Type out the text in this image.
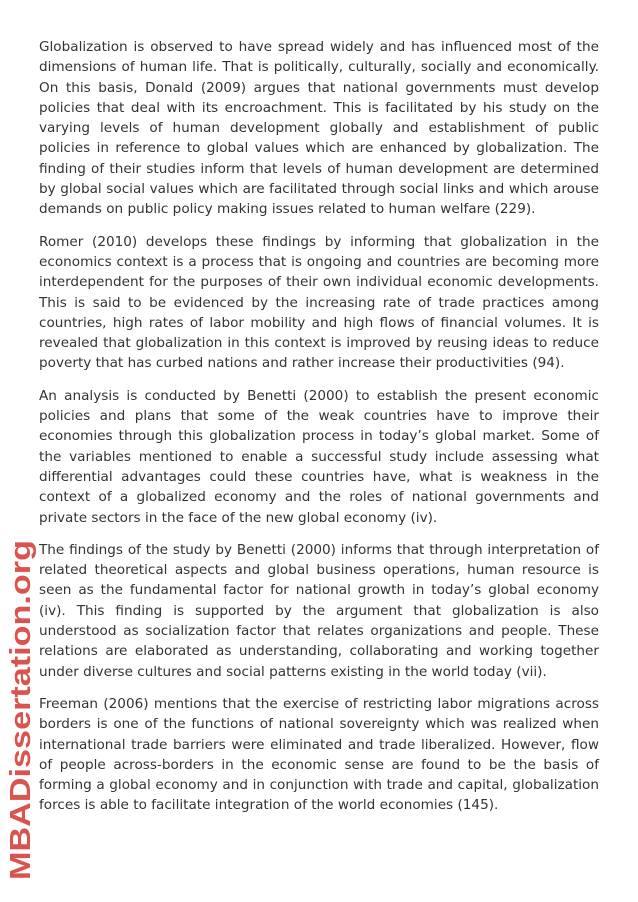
MBADissertation.org

Globalization is observed to have spread widely and has influenced most of the dimensions of human life. That is politically, culturally, socially and economically. On this basis, Donald (2009) argues that national governments must develop policies that deal with its encroachment. This is facilitated by his study on the varying levels of human development globally and establishment of public policies in reference to global values which are enhanced by globalization. The finding of their studies inform that levels of human development are determined by global social values which are facilitated through social links and which arouse demands on public policy making issues related to human welfare (229).

Romer (2010) develops these findings by informing that globalization in the economics context is a process that is ongoing and countries are becoming more interdependent for the purposes of their own individual economic developments. This is said to be evidenced by the increasing rate of trade practices among countries, high rates of labor mobility and high flows of financial volumes. It is revealed that globalization in this context is improved by reusing ideas to reduce poverty that has curbed nations and rather increase their productivities (94).

An analysis is conducted by Benetti (2000) to establish the present economic policies and plans that some of the weak countries have to improve their economies through this globalization process in today’s global market. Some of the variables mentioned to enable a successful study include assessing what differential advantages could these countries have, what is weakness in the context of a globalized economy and the roles of national governments and private sectors in the face of the new global economy (iv).

The findings of the study by Benetti (2000) informs that through interpretation of related theoretical aspects and global business operations, human resource is seen as the fundamental factor for national growth in today’s global economy (iv). This finding is supported by the argument that globalization is also understood as socialization factor that relates organizations and people. These relations are elaborated as understanding, collaborating and working together under diverse cultures and social patterns existing in the world today (vii).

Freeman (2006) mentions that the exercise of restricting labor migrations across borders is one of the functions of national sovereignty which was realized when international trade barriers were eliminated and trade liberalized. However, flow of people across-borders in the economic sense are found to be the basis of forming a global economy and in conjunction with trade and capital, globalization forces is able to facilitate integration of the world economies (145).
